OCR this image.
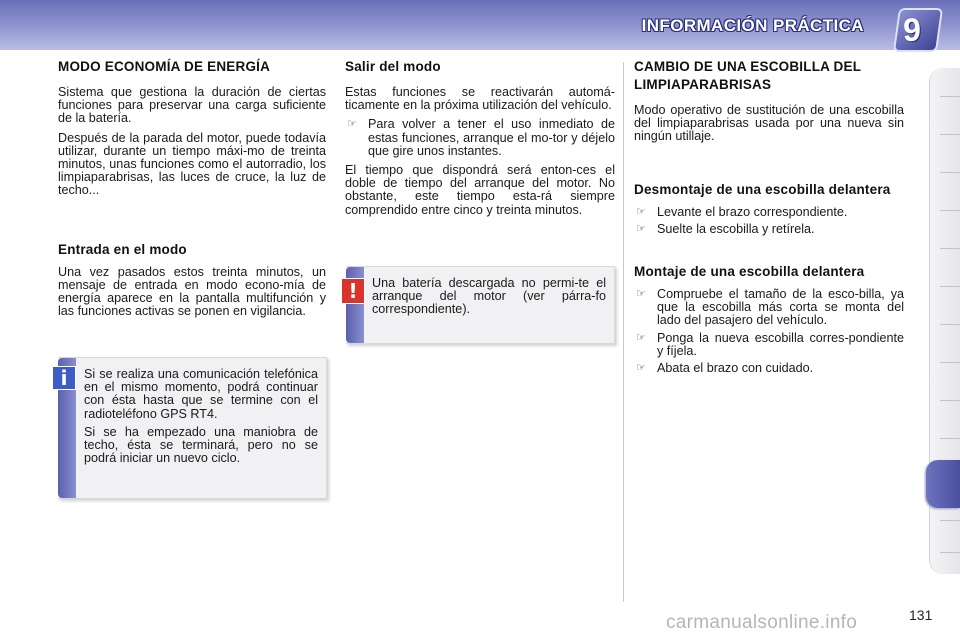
INFORMACIÓN PRÁCTICA	9
MODO ECONOMÍA DE ENERGÍA

Sistema que gestiona la duración de ciertas funciones para preservar una carga suficiente de la batería.

Después de la parada del motor, puede todavía utilizar, durante un tiempo máxi-mo de treinta minutos, unas funciones como el autorradio, los limpiaparabrisas, las luces de cruce, la luz de techo...

Entrada en el modo

Una vez pasados estos treinta minutos, un mensaje de entrada en modo econo-mía de energía aparece en la pantalla multifunción y las funciones activas se ponen en vigilancia.

Si se realiza una comunicación telefónica en el mismo momento, podrá continuar con ésta hasta que se termine con el radioteléfono GPS RT4.

Si se ha empezado una maniobra de techo, ésta se terminará, pero no se podrá iniciar un nuevo ciclo.

i
Salir del modo

Estas funciones se reactivarán automá-ticamente en la próxima utilización del vehículo.

☞ Para volver a tener el uso inmediato de estas funciones, arranque el mo-tor y déjelo que gire unos instantes.

El tiempo que dispondrá será enton-ces el doble de tiempo del arranque del motor. No obstante, este tiempo esta-rá siempre comprendido entre cinco y treinta minutos.

Una batería descargada no permi-te el arranque del motor (ver párra-fo correspondiente).

!
CAMBIO DE UNA ESCOBILLA DEL LIMPIAPARABRISAS

Modo operativo de sustitución de una escobilla del limpiaparabrisas usada por una nueva sin ningún utillaje.

Desmontaje de una escobilla delantera
☞ Levante el brazo correspondiente.
☞ Suelte la escobilla y retírela.
Montaje de una escobilla delantera
☞ Compruebe el tamaño de la esco-billa, ya que la escobilla más corta se monta del lado del pasajero del vehículo.
☞ Ponga la nueva escobilla corres-pondiente y fíjela.
☞ Abata el brazo con cuidado.
carmanualsonline.info	131
